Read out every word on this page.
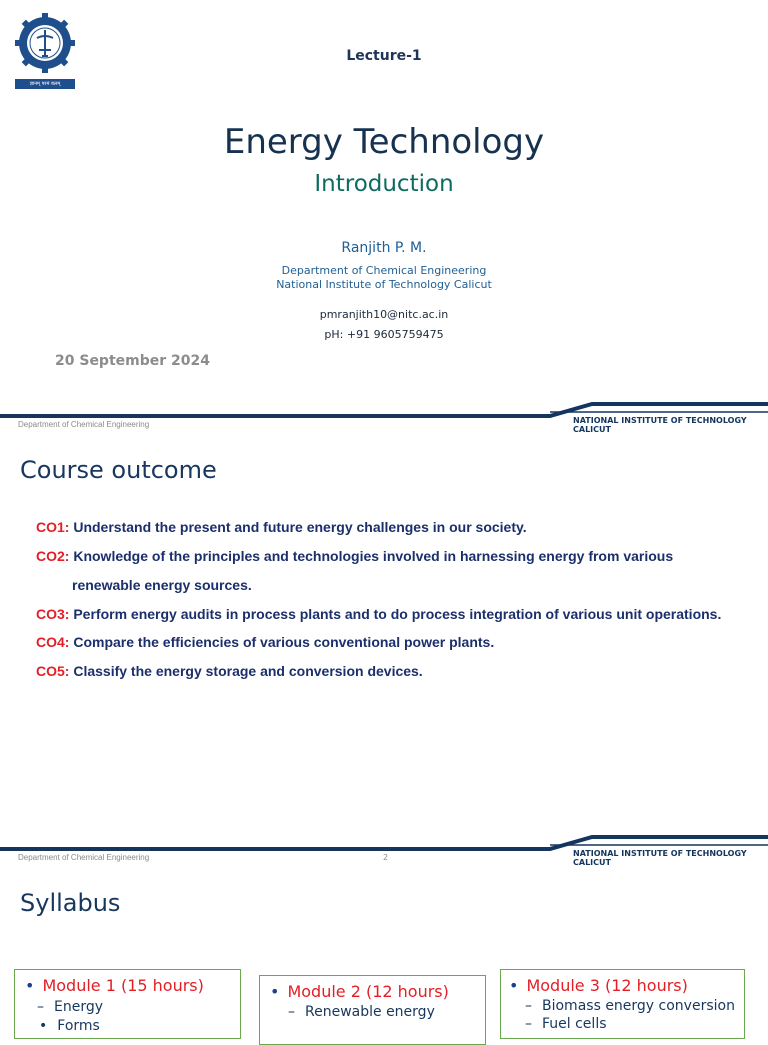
ज्ञानम् परमं बलम्
Lecture-1
Energy Technology
Introduction
Ranjith P. M.
Department of Chemical Engineering
National Institute of Technology Calicut
pmranjith10@nitc.ac.in
pH: +91 9605759475
20 September 2024
Department of Chemical Engineering	NATIONAL INSTITUTE OF TECHNOLOGY
CALICUT
Course outcome
CO1: Understand the present and future energy challenges in our society.
CO2: Knowledge of the principles and technologies involved in harnessing energy from various
renewable energy sources.
CO3: Perform energy audits in process plants and to do process integration of various unit operations.
CO4: Compare the efficiencies of various conventional power plants.
CO5: Classify the energy storage and conversion devices.
Department of Chemical Engineering	2	NATIONAL INSTITUTE OF TECHNOLOGY
CALICUT
Syllabus
• Module 1 (15 hours)
– Energy
• Forms
• Module 2 (12 hours)
– Renewable energy
• Module 3 (12 hours)
– Biomass energy conversion
– Fuel cells
